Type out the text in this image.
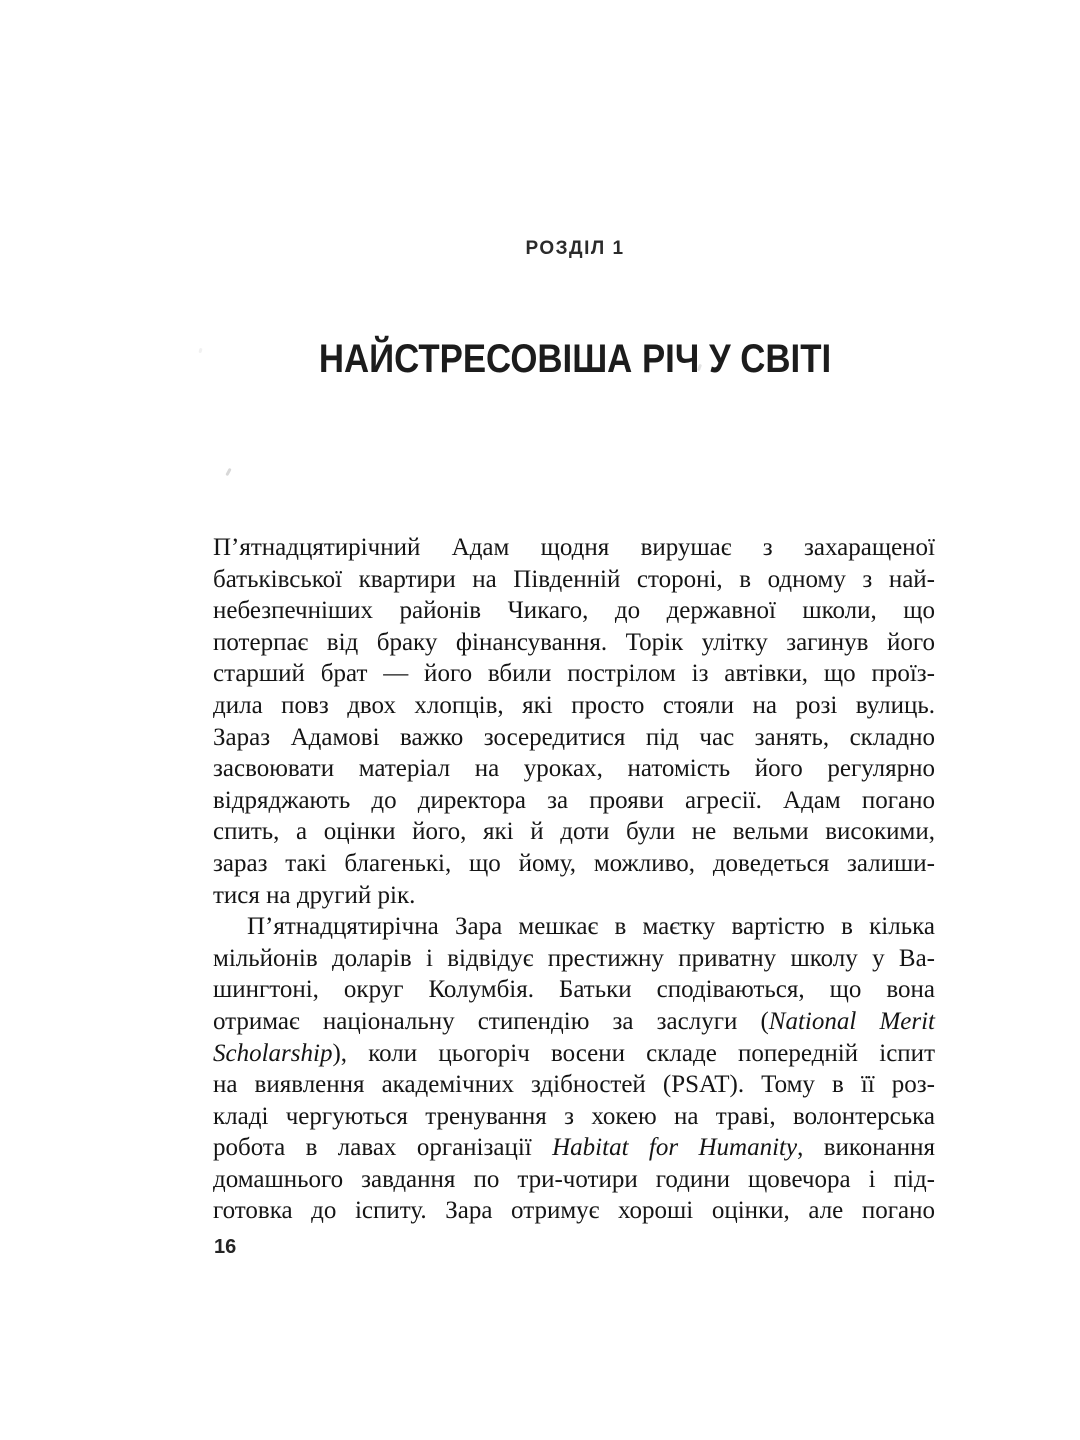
РОЗДІЛ 1
НАЙСТРЕСОВІША РІЧ У СВІТІ
П’ятнадцятирічний Адам щодня вирушає з захаращеної
батьківської квартири на Південній стороні, в одному з най-
небезпечніших районів Чикаго, до державної школи, що
потерпає від браку фінансування. Торік улітку загинув його
старший брат — його вбили пострілом із автівки, що проїз-
дила повз двох хлопців, які просто стояли на розі вулиць.
Зараз Адамові важко зосередитися під час занять, складно
засвоювати матеріал на уроках, натомість його регулярно
відряджають до директора за прояви агресії. Адам погано
спить, а оцінки його, які й доти були не вельми високими,
зараз такі благенькі, що йому, можливо, доведеться залиши-
тися на другий рік.
П’ятнадцятирічна Зара мешкає в маєтку вартістю в кілька
мільйонів доларів і відвідує престижну приватну школу у Ва-
шингтоні, округ Колумбія. Батьки сподіваються, що вона
отримає національну стипендію за заслуги (National Merit
Scholarship), коли цьогоріч восени складе попередній іспит
на виявлення академічних здібностей (PSAT). Тому в її роз-
кладі чергуються тренування з хокею на траві, волонтерська
робота в лавах організації Habitat for Humanity, виконання
домашнього завдання по три-чотири години щовечора і під-
готовка до іспиту. Зара отримує хороші оцінки, але погано
16
